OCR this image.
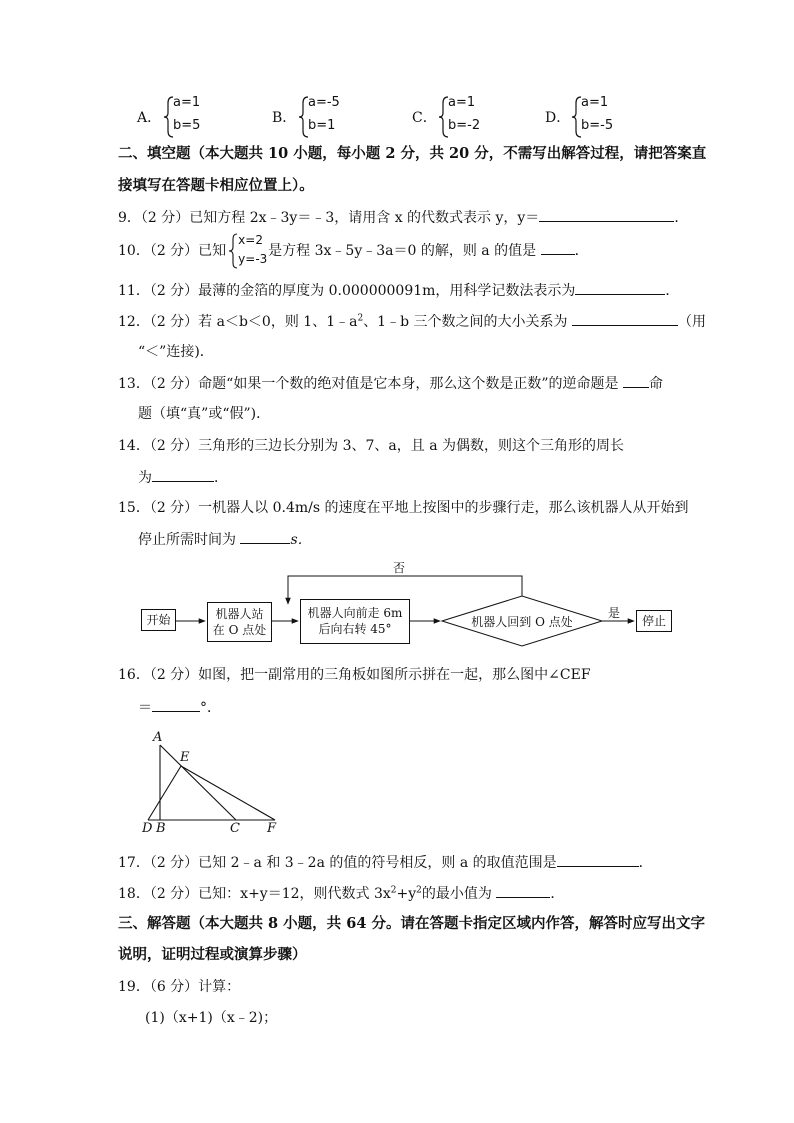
A．
a=1
b=5	B．
a=-5
b=1	C．
a=1
b=-2	D．
a=1
b=-5
二、填空题（本大题共 10 小题，每小题 2 分，共 20 分，不需写出解答过程，请把答案直
接填写在答题卡相应位置上）。
9．（2 分）已知方程 2x﹣3y＝﹣3，请用含 x 的代数式表示 y，y＝	．
10．（2 分）已知
x=2
y=-3 是方程 3x﹣5y﹣3a＝0 的解，则 a 的值是 ．
11．（2 分）最薄的金箔的厚度为 0.000000091m，用科学记数法表示为	．
12．（2 分）若 a＜b＜0，则 1、$1﹣a^2$、1﹣b 三个数之间的大小关系为	（用
“＜”连接)．
13．（2 分）命题“如果一个数的绝对值是它本身，那么这个数是正数”的逆命题是 命
题（填“真”或“假”)．
14．（2 分）三角形的三边长分别为 3、7、a，且 a 为偶数，则这个三角形的周长
为	．
15．（2 分）一机器人以 0.4m/s 的速度在平地上按图中的步骤行走，那么该机器人从开始到
停止所需时间为	s．
开始	机器人站
在 O 点处
机器人向前走 6m
后向右转 45°	机器人回到 O 点处
否
是
停止
16．（2 分）如图，把一副常用的三角板如图所示拼在一起，那么图中∠CEF
＝	°．
A
E
D B	C F
17．（2 分）已知 2﹣a 和 3﹣2a 的值的符号相反，则 a 的取值范围是	．
18．（2 分）已知：x+y＝12，则代数式 $3x^2+y^2$的最小值为	．
三、解答题（本大题共 8 小题，共 64 分。请在答题卡指定区域内作答，解答时应写出文字
说明，证明过程或演算步骤）
19．（6 分）计算：
(1)（x+1)（x﹣2)；
